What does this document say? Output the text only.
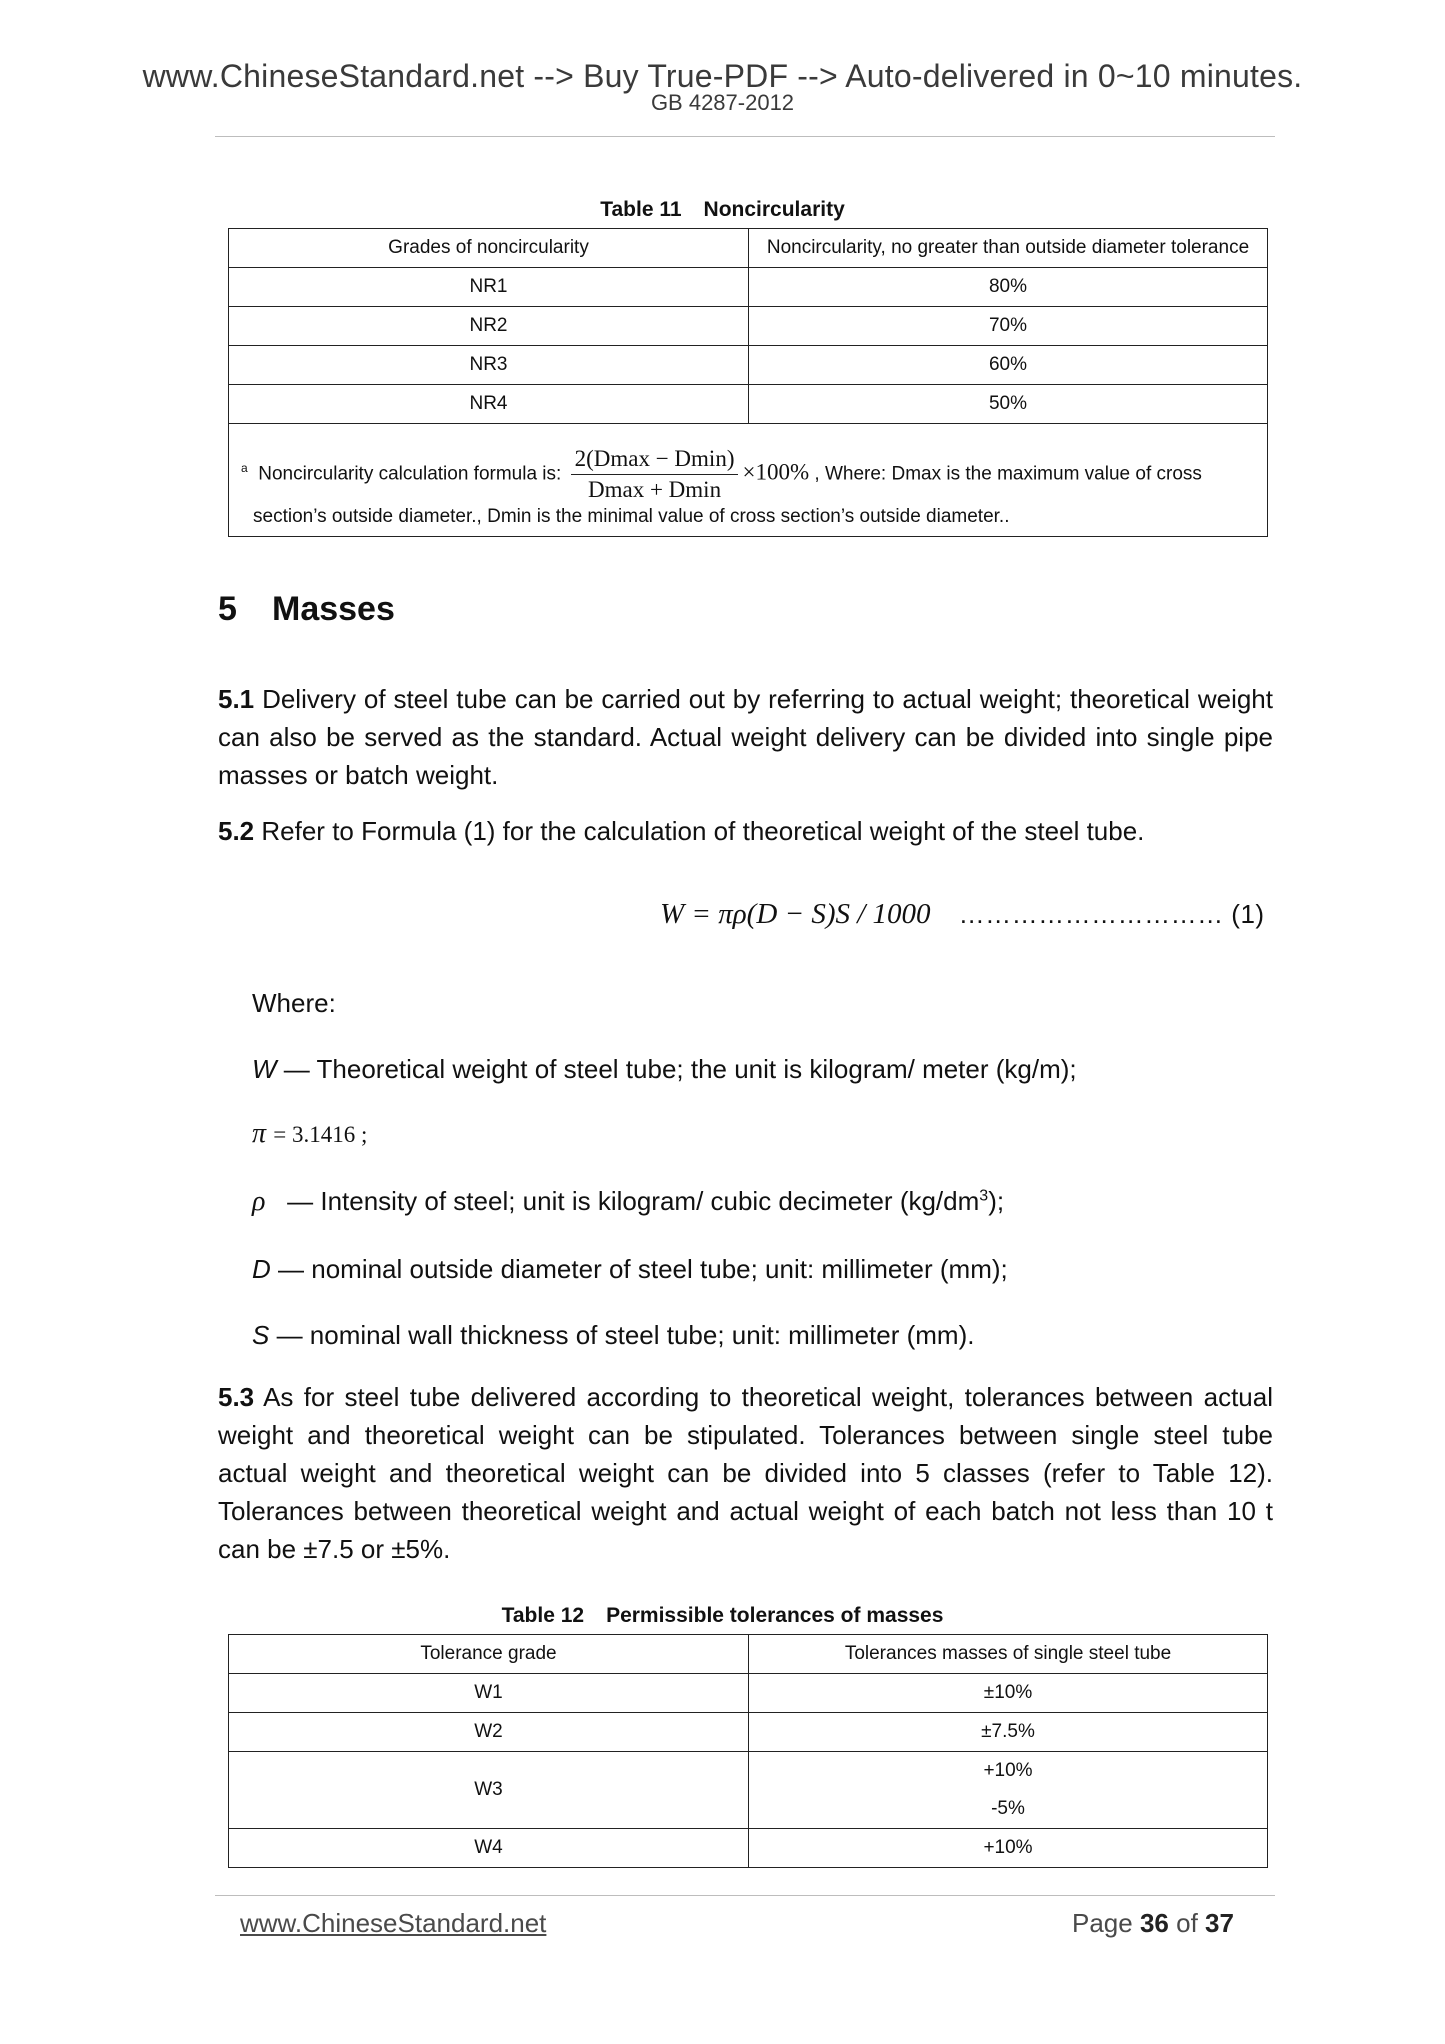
www.ChineseStandard.net --> Buy True-PDF --> Auto-delivered in 0~10 minutes.
GB 4287-2012
Table 11 Noncircularity
Grades of noncircularity	Noncircularity, no greater than outside diameter tolerance
NR1	80%
NR2	70%
NR3	60%
NR4	50%

$^a$ Noncircularity calculation formula is: $\frac{2(Dmax - Dmin)}{Dmax + Dmin} \times 100\%$ , Where: Dmax is the maximum value of cross
section’s outside diameter., Dmin is the minimal value of cross section’s outside diameter..	
5 Masses
5.1 Delivery of steel tube can be carried out by referring to actual weight; theoretical weight can also be served as the standard. Actual weight delivery can be divided into single pipe masses or batch weight.
5.2 Refer to Formula (1) for the calculation of theoretical weight of the steel tube.
W = πρ(D − S)S / 1000 ………………………… (1)
Where:
W — Theoretical weight of steel tube; the unit is kilogram/ meter (kg/m);
π = 3.1416 ;
ρ — Intensity of steel; unit is kilogram/ cubic decimeter $(kg/dm^3)$;
D — nominal outside diameter of steel tube; unit: millimeter (mm);
S — nominal wall thickness of steel tube; unit: millimeter (mm).
5.3 As for steel tube delivered according to theoretical weight, tolerances between actual weight and theoretical weight can be stipulated. Tolerances between single steel tube actual weight and theoretical weight can be divided into 5 classes (refer to Table 12). Tolerances between theoretical weight and actual weight of each batch not less than 10 t can be ±7.5 or ±5%.
Table 12 Permissible tolerances of masses
Tolerance grade	Tolerances masses of single steel tube
W1	±10%
W2	±7.5%
W3	+10%
	-5%
W4	+10%
www.ChineseStandard.net	Page 36 of 37
